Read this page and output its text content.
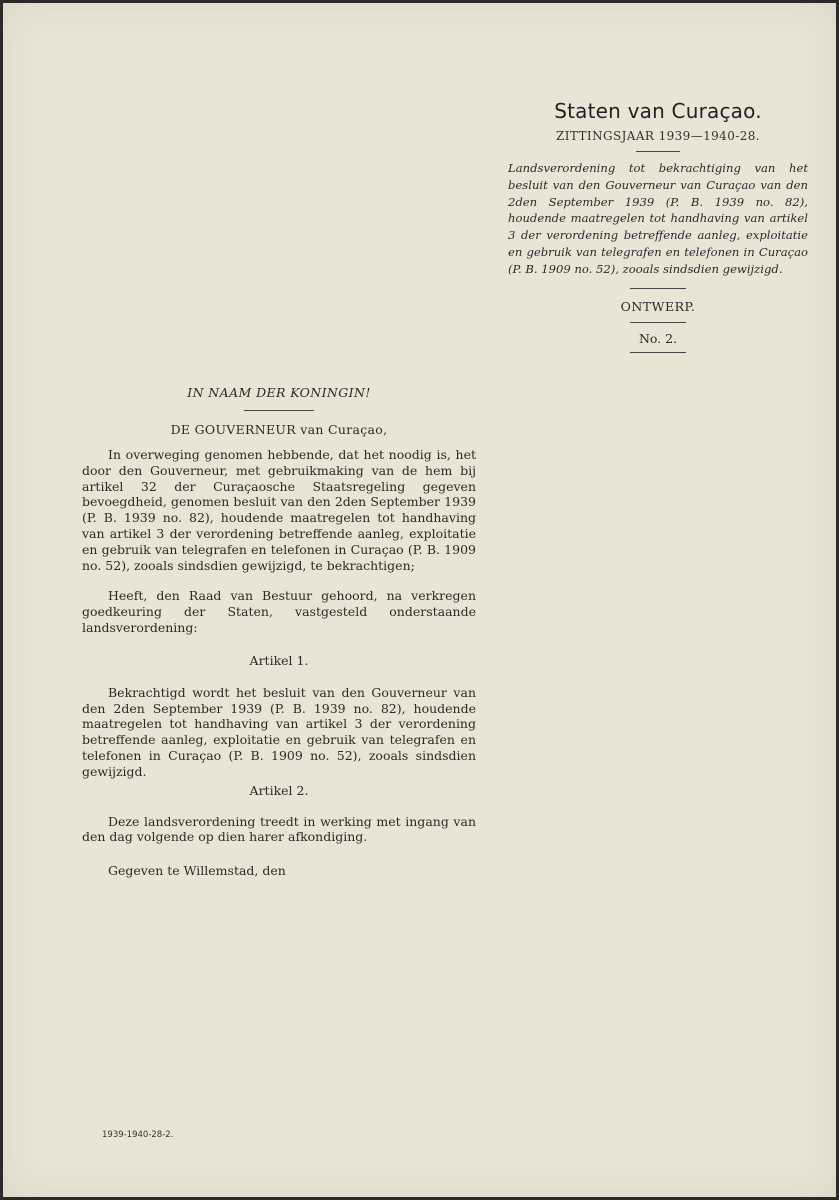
Staten van Curaçao.
ZITTINGSJAAR 1939—1940-28.
Landsverordening tot bekrachtiging van het besluit van den Gouverneur van Curaçao van den 2den September 1939 (P. B. 1939 no. 82), houdende maatregelen tot handhaving van artikel 3 der verordening betreffende aanleg, exploitatie en gebruik van telegrafen en telefonen in Curaçao (P. B. 1909 no. 52), zooals sindsdien gewijzigd.
ONTWERP.
No. 2.
IN NAAM DER KONINGIN!
DE GOUVERNEUR van Curaçao,

In overweging genomen hebbende, dat het noodig is, het door den Gouverneur, met gebruikmaking van de hem bij artikel 32 der Curaçaosche Staatsregeling gegeven bevoegdheid, genomen besluit van den 2den September 1939 (P. B. 1939 no. 82), houdende maatregelen tot handhaving van artikel 3 der verordening betreffende aanleg, exploitatie en gebruik van telegrafen en telefonen in Curaçao (P. B. 1909 no. 52), zooals sindsdien gewijzigd, te bekrachtigen;

Heeft, den Raad van Bestuur gehoord, na verkregen goedkeuring der Staten, vastgesteld onderstaande landsverordening:

Artikel 1.

Bekrachtigd wordt het besluit van den Gouverneur van den 2den September 1939 (P. B. 1939 no. 82), houdende maatregelen tot handhaving van artikel 3 der verordening betreffende aanleg, exploitatie en gebruik van telegrafen en telefonen in Curaçao (P. B. 1909 no. 52), zooals sindsdien gewijzigd.

Artikel 2.

Deze landsverordening treedt in werking met ingang van den dag volgende op dien harer afkondiging.

Gegeven te Willemstad, den

1939-1940-28-2.
